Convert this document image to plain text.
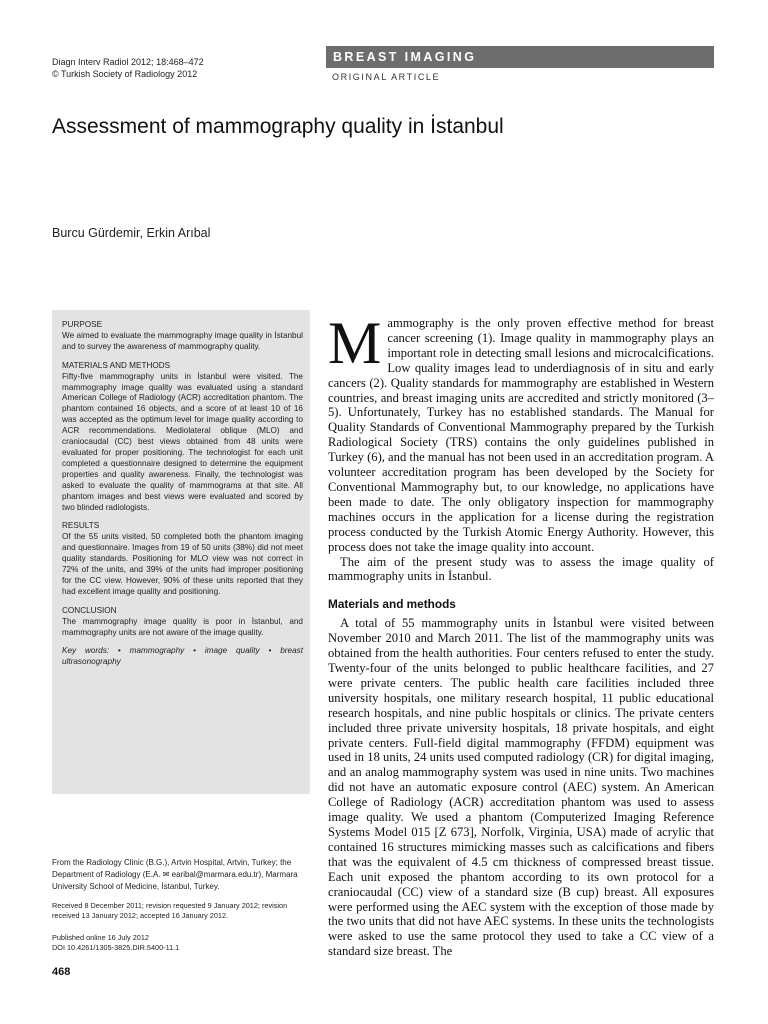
Diagn Interv Radiol 2012; 18:468–472
© Turkish Society of Radiology 2012
BREAST IMAGING
ORIGINAL ARTICLE
Assessment of mammography quality in İstanbul
Burcu Gürdemir, Erkin Arıbal
PURPOSE
We aimed to evaluate the mammography image quality in İstanbul and to survey the awareness of mammography quality.
MATERIALS AND METHODS
Fifty-five mammography units in İstanbul were visited. The mammography image quality was evaluated using a standard American College of Radiology (ACR) accreditation phantom. The phantom contained 16 objects, and a score of at least 10 of 16 was accepted as the optimum level for image quality according to ACR recommendations. Mediolateral oblique (MLO) and craniocaudal (CC) best views obtained from 48 units were evaluated for proper positioning. The technologist for each unit completed a questionnaire designed to determine the equipment properties and quality awareness. Finally, the technologist was asked to evaluate the quality of mammograms at that site. All phantom images and best views were evaluated and scored by two blinded radiologists.
RESULTS
Of the 55 units visited, 50 completed both the phantom imaging and questionnaire. Images from 19 of 50 units (38%) did not meet quality standards. Positioning for MLO view was not correct in 72% of the units, and 39% of the units had improper positioning for the CC view. However, 90% of these units reported that they had excellent image quality and positioning.
CONCLUSION
The mammography image quality is poor in İstanbul, and mammography units are not aware of the image quality.
Key words: • mammography • image quality • breast ultrasonography
From the Radiology Clinic (B.G.), Artvin Hospital, Artvin, Turkey; the Department of Radiology (E.A. ✉ earibal@marmara.edu.tr), Marmara University School of Medicine, İstanbul, Turkey.
Received 8 December 2011; revision requested 9 January 2012; revision received 13 January 2012; accepted 16 January 2012.
Published online 16 July 2012
DOI 10.4261/1305-3825.DIR.5400-11.1
468

Mammography is the only proven effective method for breast cancer screening (1). Image quality in mammography plays an important role in detecting small lesions and microcalcifications. Low quality images lead to underdiagnosis of in situ and early cancers (2). Quality standards for mammography are established in Western countries, and breast imaging units are accredited and strictly monitored (3–5). Unfortunately, Turkey has no established standards. The Manual for Quality Standards of Conventional Mammography prepared by the Turkish Radiological Society (TRS) contains the only guidelines published in Turkey (6), and the manual has not been used in an accreditation program. A volunteer accreditation program has been developed by the Society for Conventional Mammography but, to our knowledge, no applications have been made to date. The only obligatory inspection for mammography machines occurs in the application for a license during the registration process conducted by the Turkish Atomic Energy Authority. However, this process does not take the image quality into account.

The aim of the present study was to assess the image quality of mammography units in İstanbul.

Materials and methods

A total of 55 mammography units in İstanbul were visited between November 2010 and March 2011. The list of the mammography units was obtained from the health authorities. Four centers refused to enter the study. Twenty-four of the units belonged to public healthcare facilities, and 27 were private centers. The public health care facilities included three university hospitals, one military research hospital, 11 public educational research hospitals, and nine public hospitals or clinics. The private centers included three private university hospitals, 18 private hospitals, and eight private centers. Full-field digital mammography (FFDM) equipment was used in 18 units, 24 units used computed radiology (CR) for digital imaging, and an analog mammography system was used in nine units. Two machines did not have an automatic exposure control (AEC) system. An American College of Radiology (ACR) accreditation phantom was used to assess image quality. We used a phantom (Computerized Imaging Reference Systems Model 015 [Z 673], Norfolk, Virginia, USA) made of acrylic that contained 16 structures mimicking masses such as calcifications and fibers that was the equivalent of 4.5 cm thickness of compressed breast tissue. Each unit exposed the phantom according to its own protocol for a craniocaudal (CC) view of a standard size (B cup) breast. All exposures were performed using the AEC system with the exception of those made by the two units that did not have AEC systems. In these units the technologists were asked to use the same protocol they used to take a CC view of a standard size breast. The
